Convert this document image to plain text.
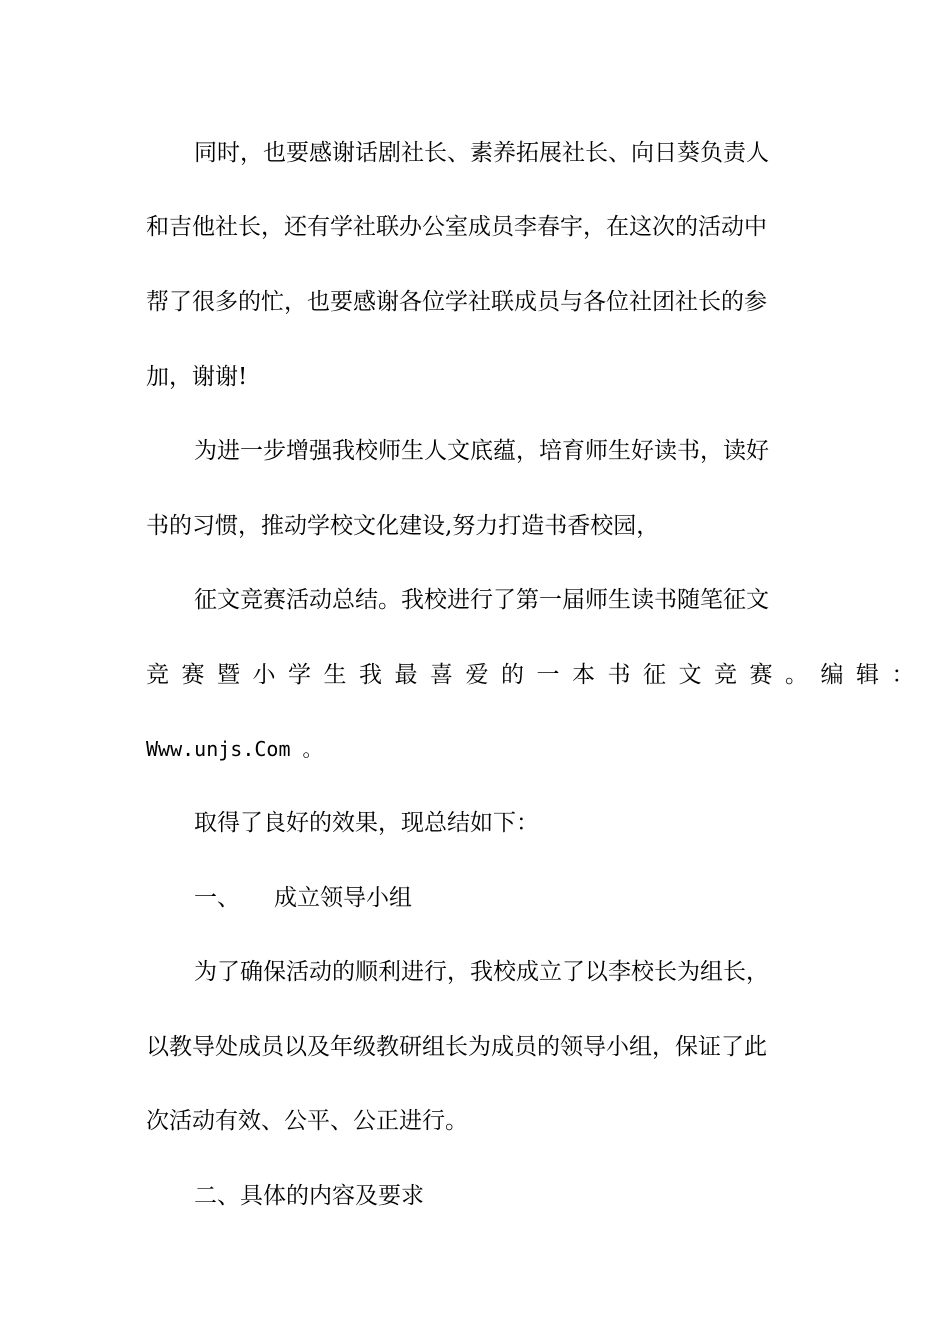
同时，也要感谢话剧社长、素养拓展社长、向日葵负责人
和吉他社长，还有学社联办公室成员李春宇，在这次的活动中
帮了很多的忙，也要感谢各位学社联成员与各位社团社长的参
加，谢谢!
为进一步增强我校师生人文底蕴，培育师生好读书，读好
书的习惯，推动学校文化建设,努力打造书香校园，
征文竞赛活动总结。我校进行了第一届师生读书随笔征文
竞赛暨小学生我最喜爱的一本书征文竞赛。编辑：
Www.unjs.Com 。
取得了良好的效果，现总结如下：
一、 成立领导小组
为了确保活动的顺利进行，我校成立了以李校长为组长，
以教导处成员以及年级教研组长为成员的领导小组，保证了此
次活动有效、公平、公正进行。
二、具体的内容及要求
